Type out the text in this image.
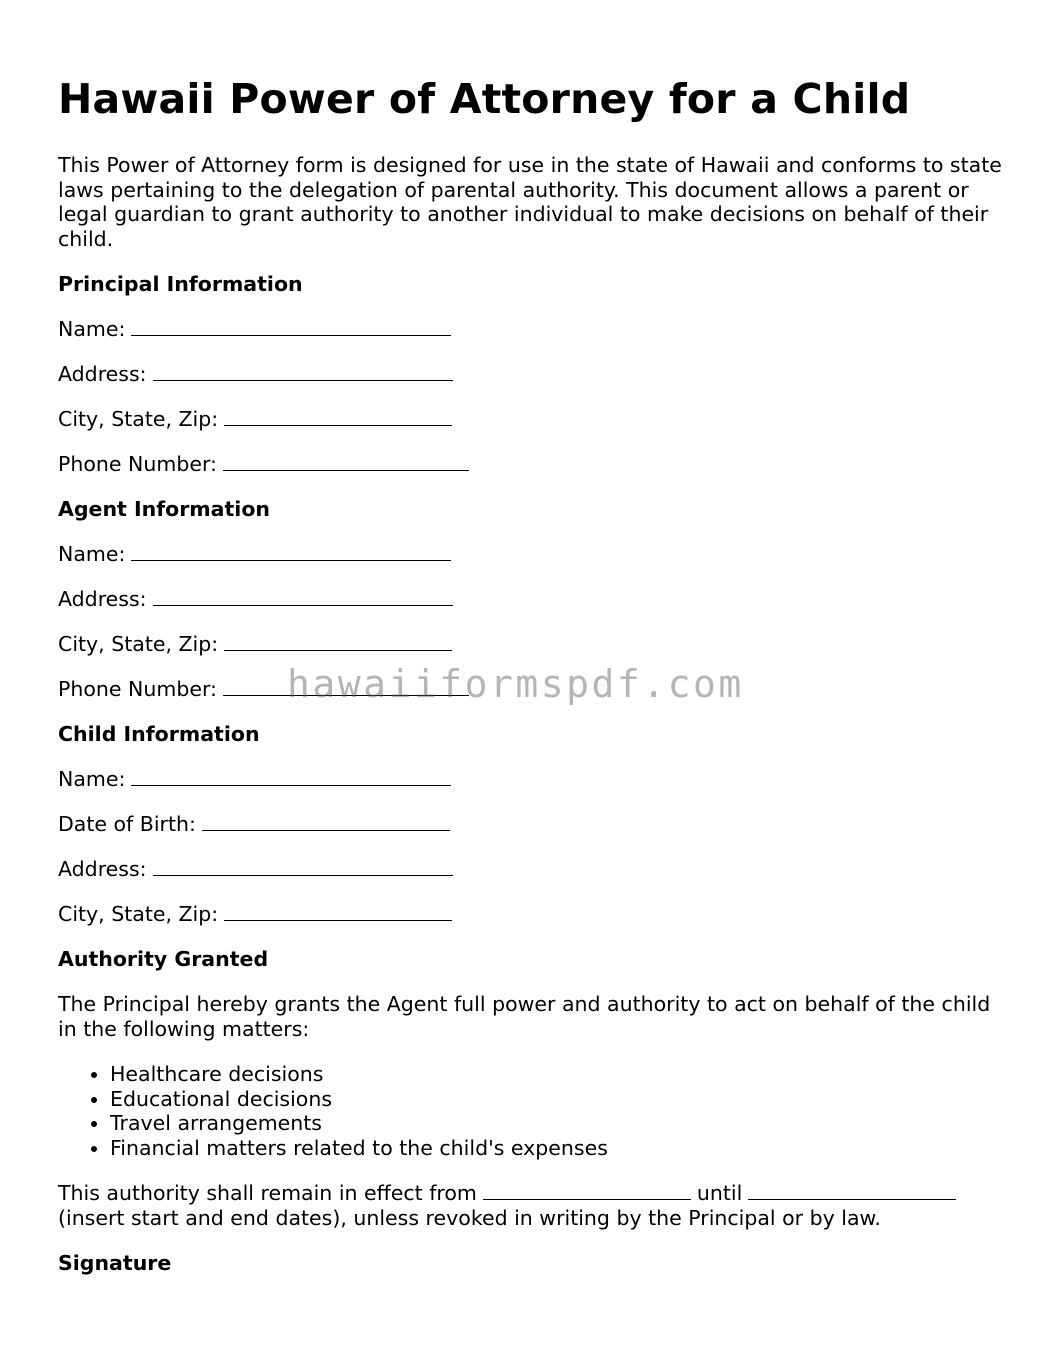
Hawaii Power of Attorney for a Child

This Power of Attorney form is designed for use in the state of Hawaii and conforms to state laws pertaining to the delegation of parental authority. This document allows a parent or legal guardian to grant authority to another individual to make decisions on behalf of their child.

Principal Information
Name:
Address:
City, State, Zip:
Phone Number:
Agent Information
Name:
Address:
City, State, Zip:
Phone Number:
Child Information
Name:
Date of Birth:
Address:
City, State, Zip:
Authority Granted

The Principal hereby grants the Agent full power and authority to act on behalf of the child in the following matters:

• Healthcare decisions
• Educational decisions
• Travel arrangements
• Financial matters related to the child's expenses

This authority shall remain in effect from	until
(insert start and end dates), unless revoked in writing by the Principal or by law.

Signature
hawaiiformspdf.com
